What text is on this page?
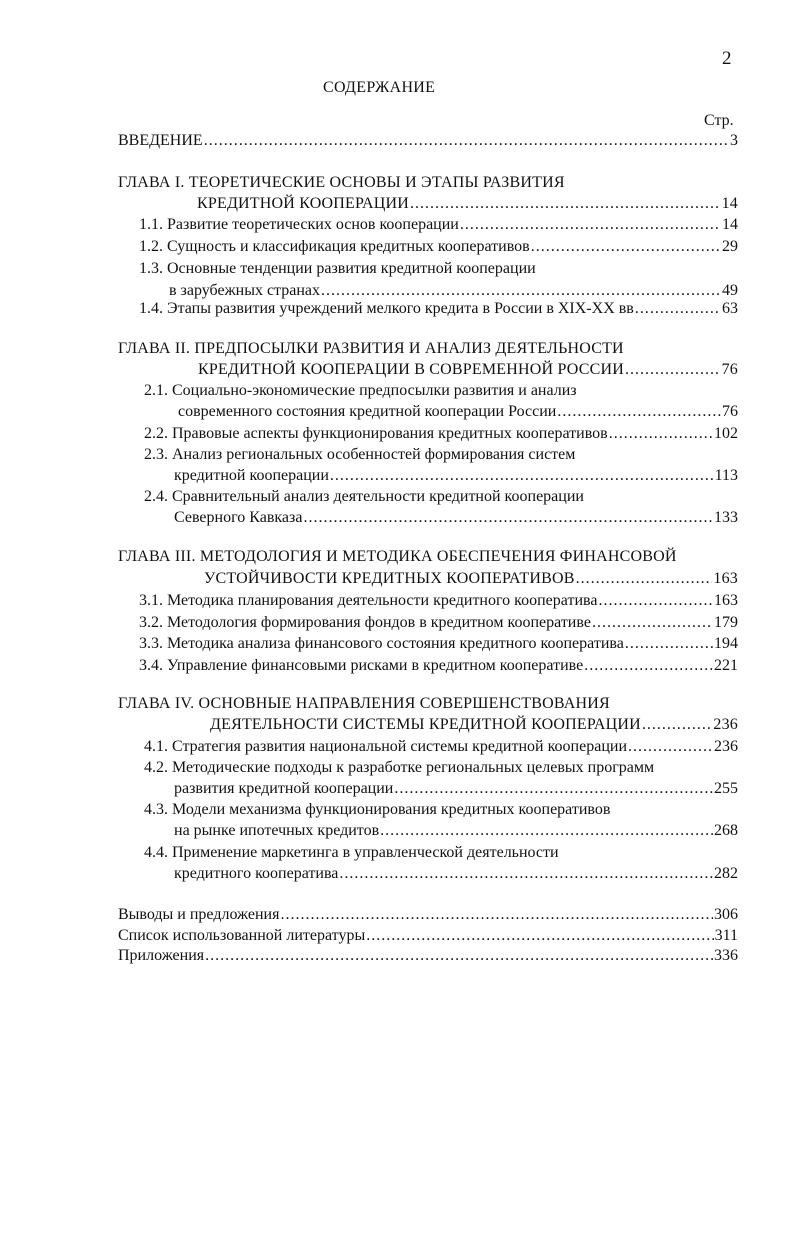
2
СОДЕРЖАНИЕ
Стр.
ВВЕДЕНИЕ .....	3
ГЛАВА I. ТЕОРЕТИЧЕСКИЕ ОСНОВЫ И ЭТАПЫ РАЗВИТИЯ
КРЕДИТНОЙ КООПЕРАЦИИ .....	14
1.1. Развитие теоретических основ кооперации .....	14
1.2. Сущность и классификация кредитных кооперативов .....	29
1.3. Основные тенденции развития кредитной кооперации
в зарубежных странах .....	49
1.4. Этапы развития учреждений мелкого кредита в России в XIX-XX вв .....	63
ГЛАВА II. ПРЕДПОСЫЛКИ РАЗВИТИЯ И АНАЛИЗ ДЕЯТЕЛЬНОСТИ
КРЕДИТНОЙ КООПЕРАЦИИ В СОВРЕМЕННОЙ РОССИИ .....	76
2.1. Социально-экономические предпосылки развития и анализ
современного состояния кредитной кооперации России .....	76
2.2. Правовые аспекты функционирования кредитных кооперативов .....	102
2.3. Анализ региональных особенностей формирования систем
кредитной кооперации .....	113
2.4. Сравнительный анализ деятельности кредитной кооперации
Северного Кавказа .....	133
ГЛАВА III. МЕТОДОЛОГИЯ И МЕТОДИКА ОБЕСПЕЧЕНИЯ ФИНАНСОВОЙ
УСТОЙЧИВОСТИ КРЕДИТНЫХ КООПЕРАТИВОВ .....	163
3.1. Методика планирования деятельности кредитного кооператива .....	163
3.2. Методология формирования фондов в кредитном кооперативе .....	179
3.3. Методика анализа финансового состояния кредитного кооператива .....	194
3.4. Управление финансовыми рисками в кредитном кооперативе .....	221
ГЛАВА IV. ОСНОВНЫЕ НАПРАВЛЕНИЯ СОВЕРШЕНСТВОВАНИЯ
ДЕЯТЕЛЬНОСТИ СИСТЕМЫ КРЕДИТНОЙ КООПЕРАЦИИ .....	236
4.1. Стратегия развития национальной системы кредитной кооперации .....	236
4.2. Методические подходы к разработке региональных целевых программ
развития кредитной кооперации .....	255
4.3. Модели механизма функционирования кредитных кооперативов
на рынке ипотечных кредитов .....	268
4.4. Применение маркетинга в управленческой деятельности
кредитного кооператива .....	282
Выводы и предложения .....	306
Список использованной литературы .....	311
Приложения .....	336
